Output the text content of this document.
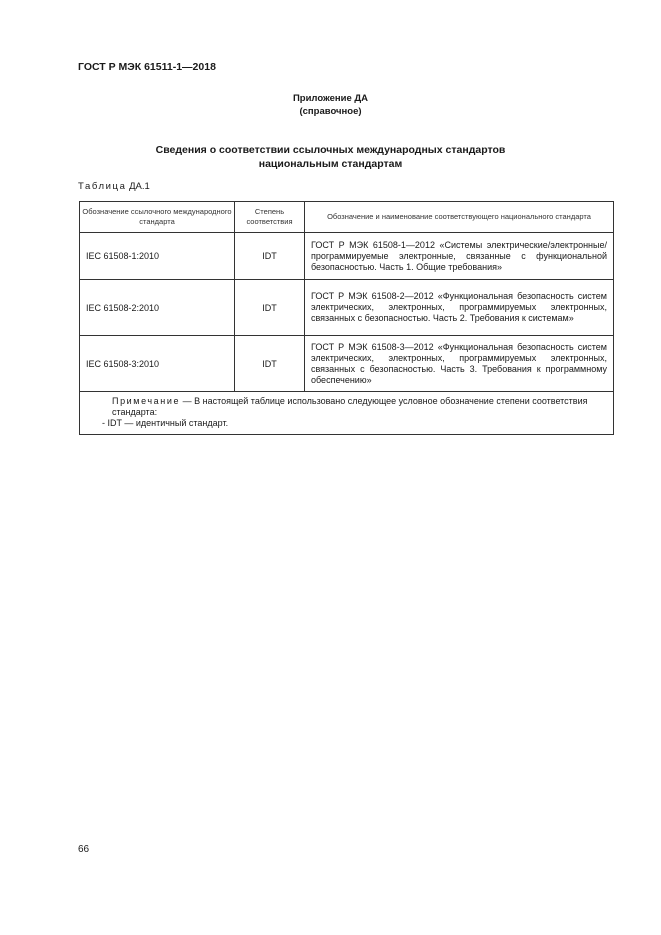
ГОСТ Р МЭК 61511-1—2018
Приложение ДА
(справочное)
Сведения о соответствии ссылочных международных стандартов
национальным стандартам
Таблица ДА.1
Обозначение ссылочного международного стандарта	Степень соответствия	Обозначение и наименование соответствующего национального стандарта
IEC 61508-1:2010	IDT	ГОСТ Р МЭК 61508-1—2012 «Системы электрические/электронные/программируемые электронные, связанные с функциональной безопасностью. Часть 1. Общие требования»
IEC 61508-2:2010	IDT	ГОСТ Р МЭК 61508-2—2012 «Функциональная безопасность систем электрических, электронных, программируемых электронных, связанных с безопасностью. Часть 2. Требования к системам»
IEC 61508-3:2010	IDT	ГОСТ Р МЭК 61508-3—2012 «Функциональная безопасность систем электрических, электронных, программируемых электронных, связанных с безопасностью. Часть 3. Требования к программному обеспечению»

Примечание — В настоящей таблице использовано следующее условное обозначение степени соответствия стандарта:
- IDT — идентичный стандарт.		
66
